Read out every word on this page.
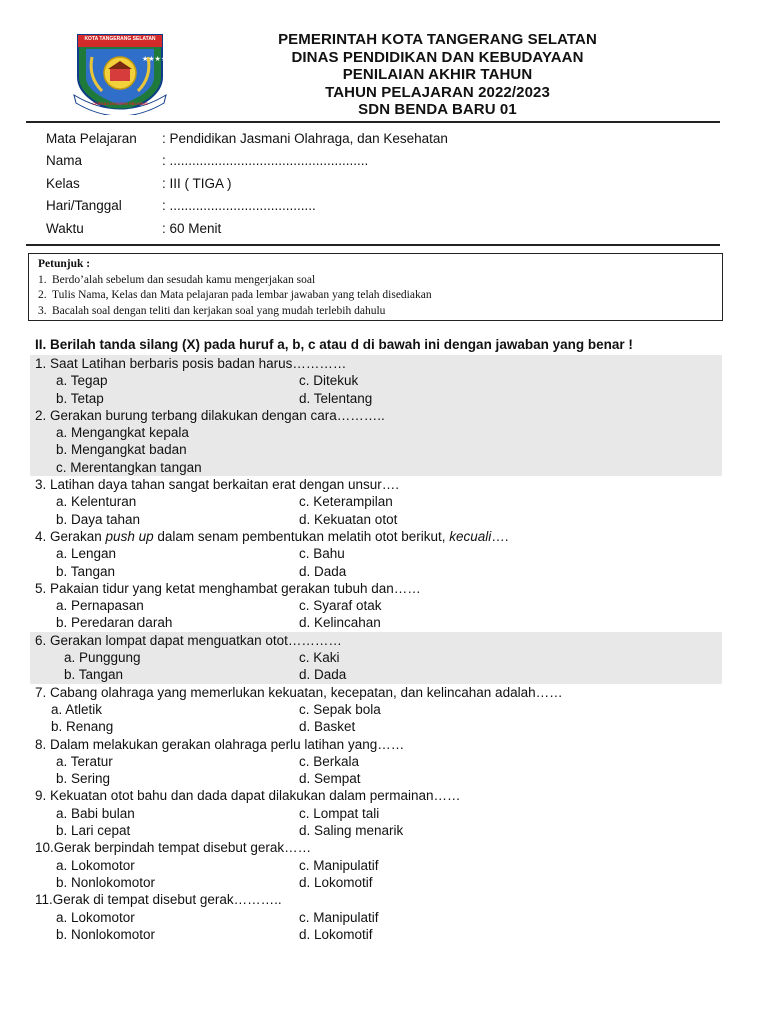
★★★★
KOTA TANGERANG SELATAN
CERDAS MODERN RELIGIUS
PEMERINTAH KOTA TANGERANG SELATAN
DINAS PENDIDIKAN DAN KEBUDAYAAN
PENILAIAN AKHIR TAHUN
TAHUN PELAJARAN 2022/2023
SDN BENDA BARU 01
Mata Pelajaran	: Pendidikan Jasmani Olahraga, dan Kesehatan
Nama	: .....................................................
Kelas	: III ( TIGA )
Hari/Tanggal	: .......................................
Waktu	: 60 Menit
Petunjuk :
1. Berdo’alah sebelum dan sesudah kamu mengerjakan soal
2. Tulis Nama, Kelas dan Mata pelajaran pada lembar jawaban yang telah disediakan
3. Bacalah soal dengan teliti dan kerjakan soal yang mudah terlebih dahulu
II. Berilah tanda silang (X) pada huruf a, b, c atau d di bawah ini dengan jawaban yang benar !
1. Saat Latihan berbaris posis badan harus…………
a. Tegap	c. Ditekuk
b. Tetap	d. Telentang
2. Gerakan burung terbang dilakukan dengan cara………..
a. Mengangkat kepala
b. Mengangkat badan
c. Merentangkan tangan
3. Latihan daya tahan sangat berkaitan erat dengan unsur….
a. Kelenturan	c. Keterampilan
b. Daya tahan	d. Kekuatan otot
4. Gerakan push up dalam senam pembentukan melatih otot berikut, kecuali….
a. Lengan	c. Bahu
b. Tangan	d. Dada
5. Pakaian tidur yang ketat menghambat gerakan tubuh dan……
a. Pernapasan	c. Syaraf otak
b. Peredaran darah	d. Kelincahan
6. Gerakan lompat dapat menguatkan otot…………
a. Punggung	c. Kaki
b. Tangan	d. Dada
7. Cabang olahraga yang memerlukan kekuatan, kecepatan, dan kelincahan adalah……
a. Atletik	c. Sepak bola
b. Renang	d. Basket
8. Dalam melakukan gerakan olahraga perlu latihan yang……
a. Teratur	c. Berkala
b. Sering	d. Sempat
9. Kekuatan otot bahu dan dada dapat dilakukan dalam permainan……
a. Babi bulan	c. Lompat tali
b. Lari cepat	d. Saling menarik
10.Gerak berpindah tempat disebut gerak……
a. Lokomotor	c. Manipulatif
b. Nonlokomotor	d. Lokomotif
11.Gerak di tempat disebut gerak………..
a. Lokomotor	c. Manipulatif
b. Nonlokomotor	d. Lokomotif
